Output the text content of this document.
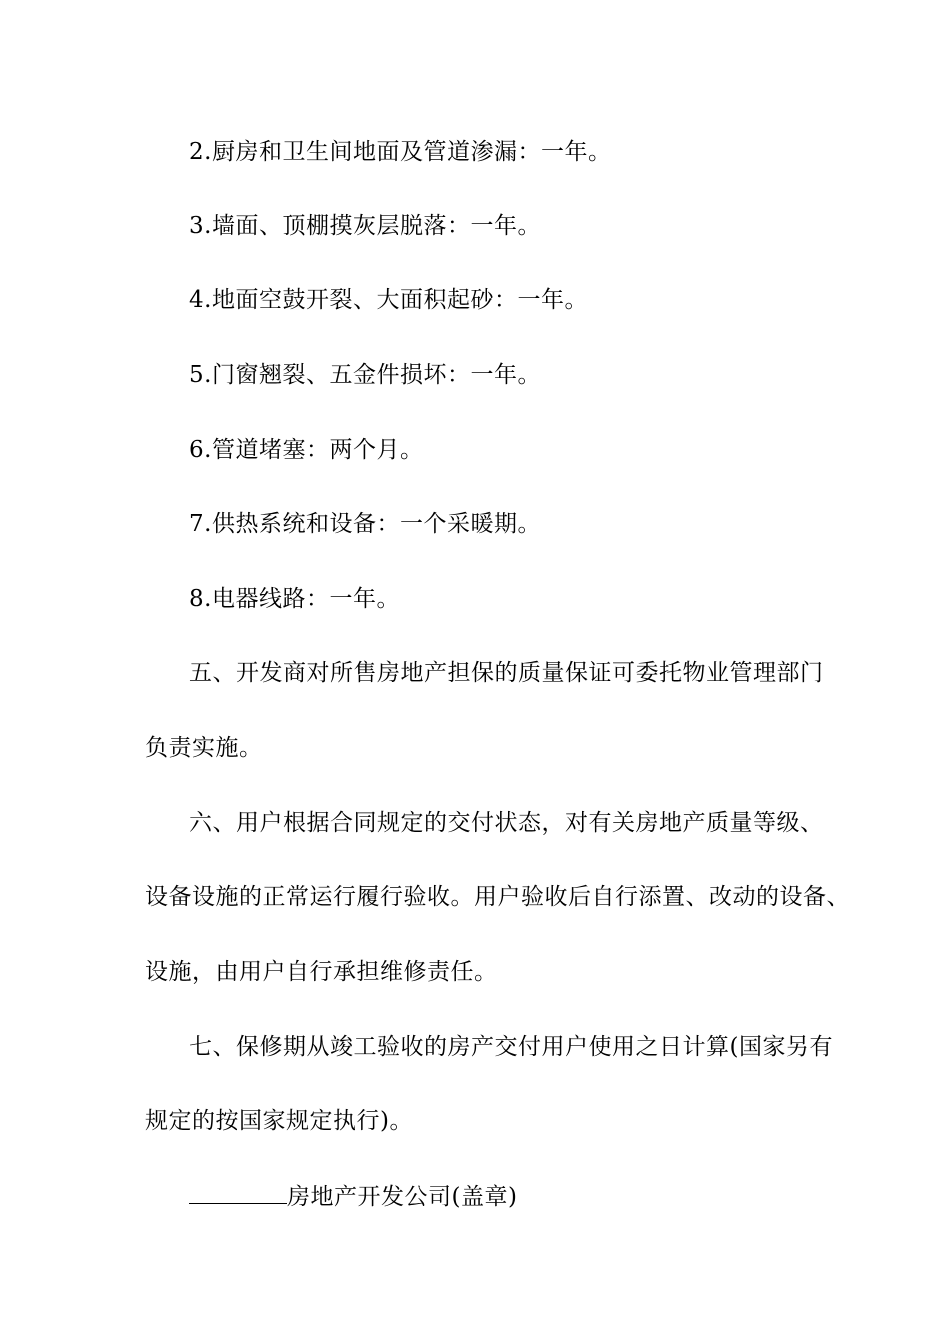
2.厨房和卫生间地面及管道渗漏：一年。
3.墙面、顶棚摸灰层脱落：一年。
4.地面空鼓开裂、大面积起砂：一年。
5.门窗翘裂、五金件损坏：一年。
6.管道堵塞：两个月。
7.供热系统和设备：一个采暖期。
8.电器线路：一年。
五、开发商对所售房地产担保的质量保证可委托物业管理部门
负责实施。
六、用户根据合同规定的交付状态，对有关房地产质量等级、
设备设施的正常运行履行验收。用户验收后自行添置、改动的设备、
设施，由用户自行承担维修责任。
七、保修期从竣工验收的房产交付用户使用之日计算(国家另有
规定的按国家规定执行)。
房地产开发公司(盖章)
